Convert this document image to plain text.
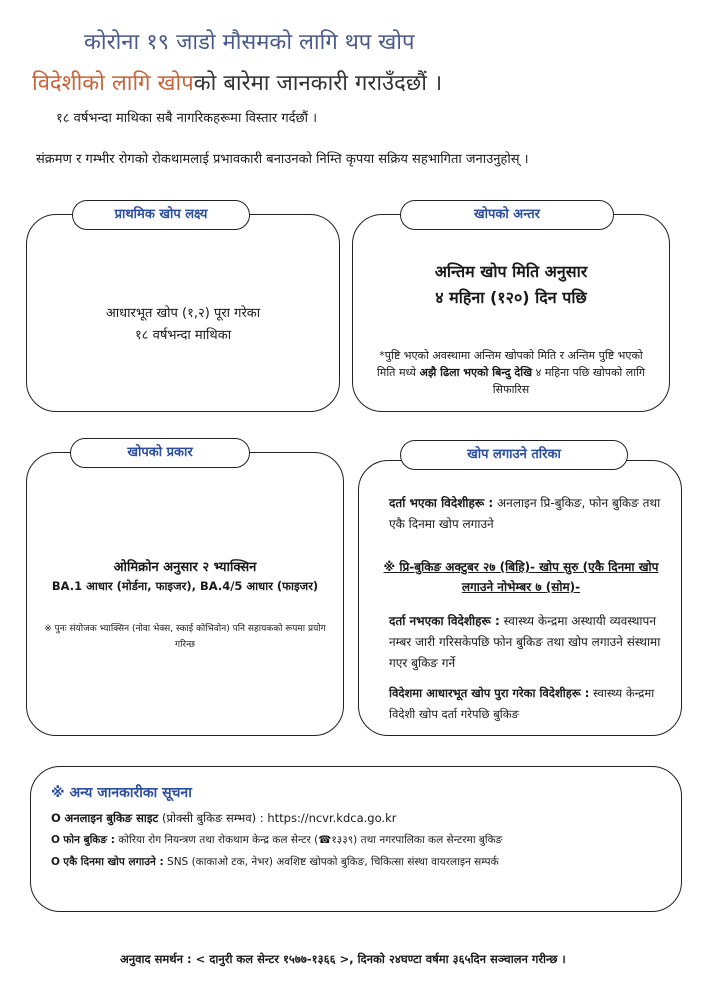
कोरोना १९ जाडो मौसमको लागि थप खोप
विदेशीको लागि खोपको बारेमा जानकारी गराउँदछौं ।
१८ वर्षभन्दा माथिका सबै नागरिकहरूमा विस्तार गर्दछौं ।
संक्रमण र गम्भीर रोगको रोकथामलाई प्रभावकारी बनाउनको निम्ति कृपया सक्रिय सहभागिता जनाउनुहोस् ।
आधारभूत खोप (१,२) पूरा गरेका
१८ वर्षभन्दा माथिका
प्राथमिक खोप लक्ष्य
अन्तिम खोप मिति अनुसार
४ महिना (१२०) दिन पछि
*पुष्टि भएको अवस्थामा अन्तिम खोपको मिति र अन्तिम पुष्टि भएको मिति मध्ये अझै ढिला भएको बिन्दु देखि ४ महिना पछि खोपको लागि सिफारिस
खोपको अन्तर
ओमिक्रोन अनुसार २ भ्याक्सिन
BA.1 आधार (मोर्डना, फाइजर), BA.4/5 आधार (फाइजर)
※ पुनः संयोजक भ्याक्सिन (नोवा भेक्स, स्काई कोभिवोन) पनि सहायकको रूपमा प्रयोग गरिन्छ
खोपको प्रकार
दर्ता भएका विदेशीहरू : अनलाइन प्रि-बुकिङ, फोन बुकिङ तथा एकै दिनमा खोप लगाउने
※ प्रि-बुकिङ अक्टुबर २७ (बिहि)- खोप सुरु (एकै दिनमा खोप लगाउने नोभेम्बर ७ (सोम)-
दर्ता नभएका विदेशीहरू : स्वास्थ्य केन्द्रमा अस्थायी व्यवस्थापन नम्बर जारी गरिसकेपछि फोन बुकिङ तथा खोप लगाउने संस्थामा गएर बुकिङ गर्ने
विदेशमा आधारभूत खोप पुरा गरेका विदेशीहरू : स्वास्थ्य केन्द्रमा विदेशी खोप दर्ता गरेपछि बुकिङ
खोप लगाउने तरिका
※ अन्य जानकारीका सूचना
O अनलाइन बुकिङ साइट (प्रोक्सी बुकिङ सम्भव) : https://ncvr.kdca.go.kr
O फोन बुकिङ : कोरिया रोग नियन्त्रण तथा रोकथाम केन्द्र कल सेन्टर (☎१३३९) तथा नगरपालिका कल सेन्टरमा बुकिङ
O एकै दिनमा खोप लगाउने : SNS (काकाओ टक, नेभर) अवशिष्ट खोपको बुकिङ, चिकित्सा संस्था वायरलाइन सम्पर्क
अनुवाद समर्थन : < दानुरी कल सेन्टर १५७७-१३६६ >, दिनको २४घण्टा वर्षमा ३६५दिन सञ्चालन गरीन्छ ।
